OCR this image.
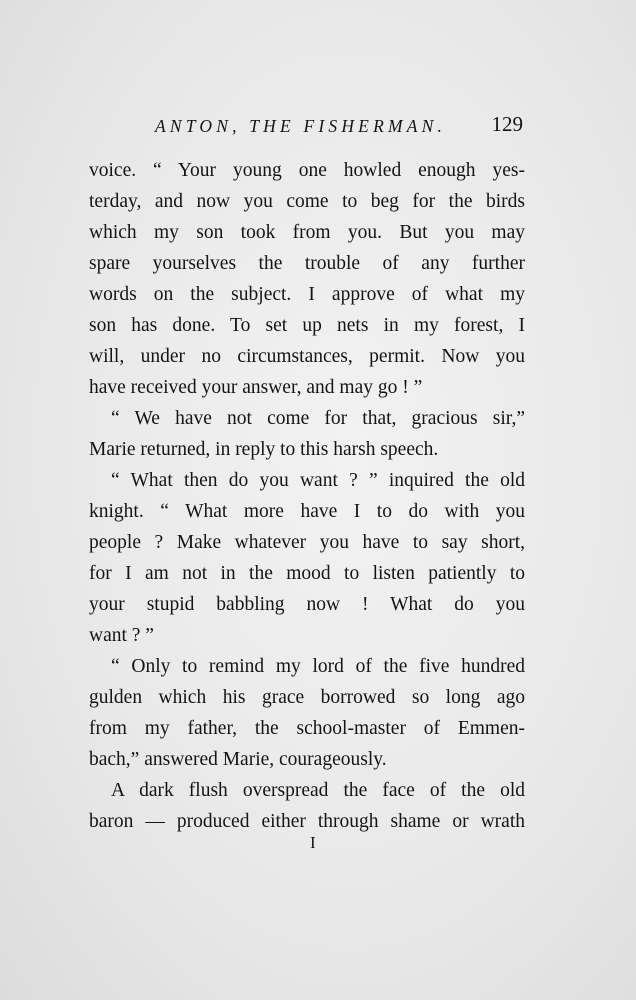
ANTON, THE FISHERMAN. 129
voice. “ Your young one howled enough yes-
terday, and now you come to beg for the birds
which my son took from you. But you may
spare yourselves the trouble of any further
words on the subject. I approve of what my
son has done. To set up nets in my forest, I
will, under no circumstances, permit. Now you
have received your answer, and may go ! ”
“ We have not come for that, gracious sir,”
Marie returned, in reply to this harsh speech.
“ What then do you want ? ” inquired the old
knight. “ What more have I to do with you
people ? Make whatever you have to say short,
for I am not in the mood to listen patiently to
your stupid babbling now ! What do you
want ? ”
“ Only to remind my lord of the five hundred
gulden which his grace borrowed so long ago
from my father, the school-master of Emmen-
bach,” answered Marie, courageously.
A dark flush overspread the face of the old
baron — produced either through shame or wrath
I
